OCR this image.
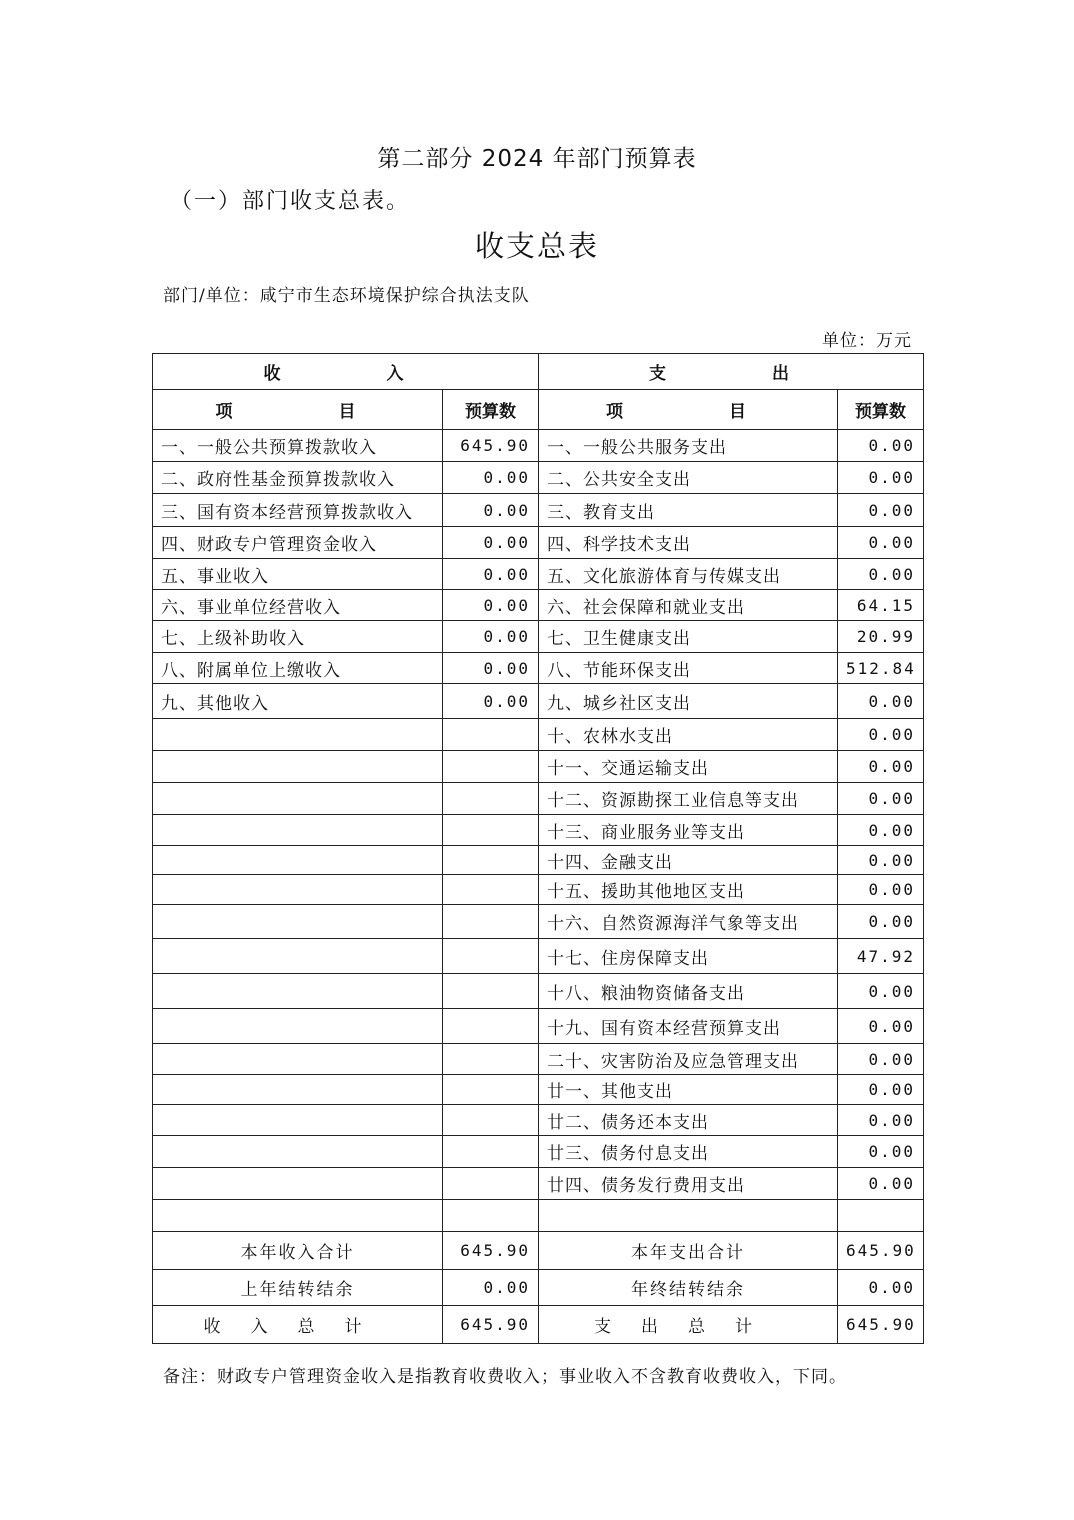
第二部分 2024 年部门预算表
（一）部门收支总表。
收支总表
部门/单位：咸宁市生态环境保护综合执法支队
单位：万元
收　　入		支　　出	
项　　目	预算数	项　　目	预算数
一、一般公共预算拨款收入	645.90	一、一般公共服务支出	0.00
二、政府性基金预算拨款收入	0.00	二、公共安全支出	0.00
三、国有资本经营预算拨款收入	0.00	三、教育支出	0.00
四、财政专户管理资金收入	0.00	四、科学技术支出	0.00
五、事业收入	0.00	五、文化旅游体育与传媒支出	0.00
六、事业单位经营收入	0.00	六、社会保障和就业支出	64.15
七、上级补助收入	0.00	七、卫生健康支出	20.99
八、附属单位上缴收入	0.00	八、节能环保支出	512.84
九、其他收入	0.00	九、城乡社区支出	0.00
		十、农林水支出	0.00
		十一、交通运输支出	0.00
		十二、资源勘探工业信息等支出	0.00
		十三、商业服务业等支出	0.00
		十四、金融支出	0.00
		十五、援助其他地区支出	0.00
		十六、自然资源海洋气象等支出	0.00
		十七、住房保障支出	47.92
		十八、粮油物资储备支出	0.00
		十九、国有资本经营预算支出	0.00
		二十、灾害防治及应急管理支出	0.00
		廿一、其他支出	0.00
		廿二、债务还本支出	0.00
		廿三、债务付息支出	0.00
		廿四、债务发行费用支出	0.00

本年收入合计	645.90	本年支出合计	645.90
上年结转结余	0.00	年终结转结余	0.00
收入总计	645.90	支出总计	645.90
备注：财政专户管理资金收入是指教育收费收入；事业收入不含教育收费收入，下同。
